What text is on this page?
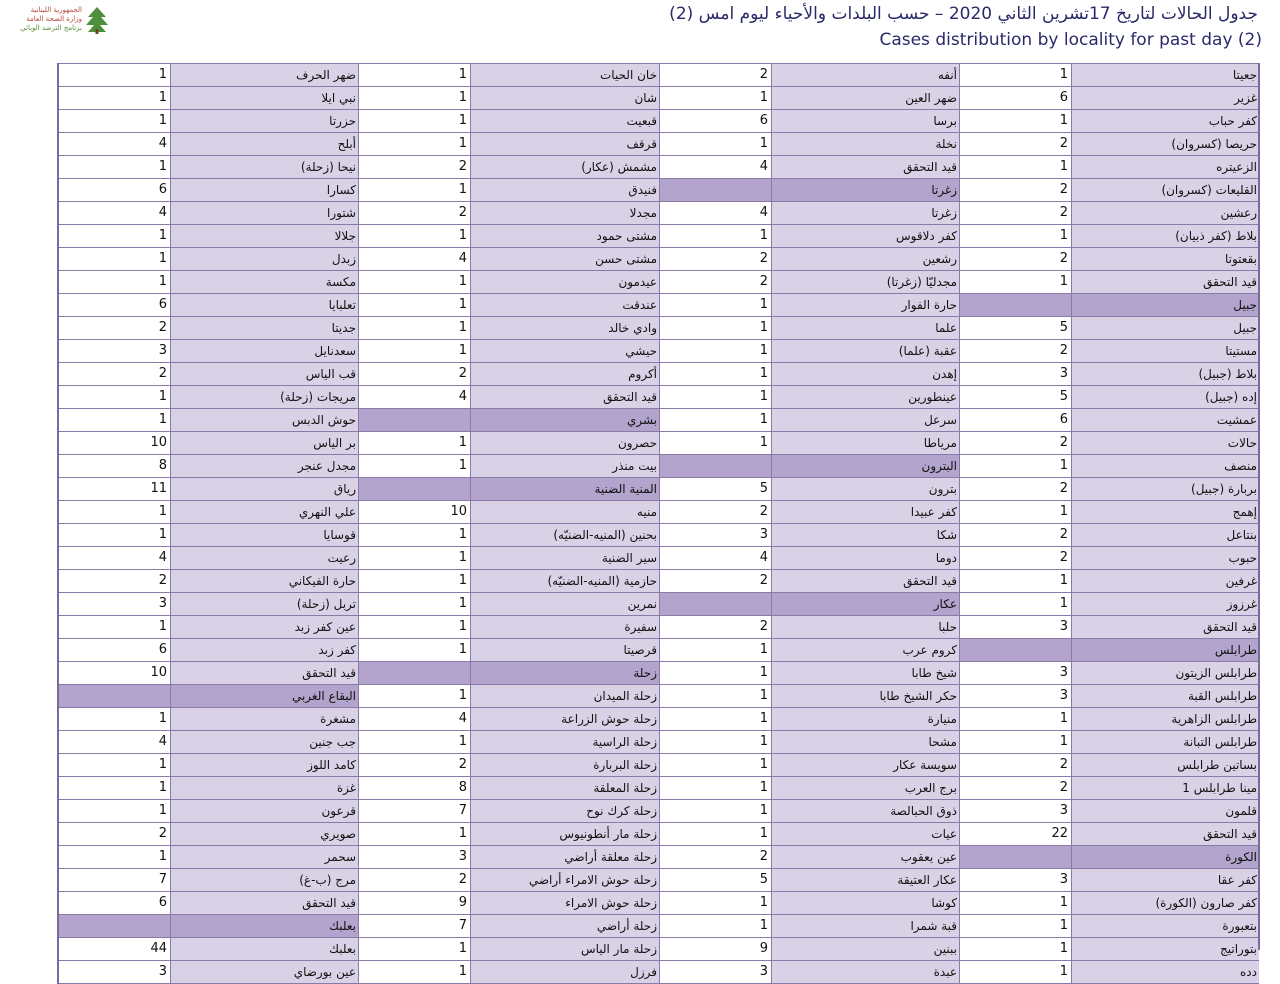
الجمهورية اللبنانية
وزارة الصحة العامة
برنامج الترصد الوبائي
جدول الحالات لتاريخ 17تشرين الثاني 2020 – حسب البلدات والأحياء ليوم امس (2)
Cases distribution by locality for past day (2)
1	ضهر الحرف
1	نبي ايلا
1	حزرتا
4	أبلح
1	نيحا (زحلة)
6	كسارا
4	شتورا
1	جلالا
1	زبدل
1	مكسة
6	تعلبايا
2	جديتا
3	سعدنايل
2	قب الياس
1	مريجات (زحلة)
1	حوش الدبس
10	بر الياس
8	مجدل عنجر
11	رياق
1	علي النهري
1	قوسايا
4	رعيت
2	حارة الفيكاني
3	تربل (زحلة)
1	عين كفر زبد
6	كفر زبد
10	قيد التحقق
البقاع الغربي
1	مشغرة
4	جب جنين
1	كامد اللوز
1	غزة
1	قرعون
2	صويري
1	سحمر
7	مرج (ب-غ)
6	قيد التحقق
بعلبك
44	بعلبك
3	عين بورضاي
1	خان الحيات
1	شان
1	قبعيت
1	قرقف
2	مشمش (عكار)
1	فنيدق
2	مجدلا
1	مشتى حمود
4	مشتى حسن
1	عيدمون
1	عندقت
1	وادي خالد
1	حيشي
2	أكروم
4	قيد التحقق
بشري
1	حصرون
1	بيت منذر
المنية الضنية
10	منيه
1	بحنين (المنيه-الضنيّه)
1	سير الضنية
1	حازمية (المنيه-الضنيّه)
1	نمرين
1	سفيرة
1	قرصيتا
زحلة
1	زحلة الميدان
4	زحلة حوش الزراعة
1	زحلة الراسية
2	زحلة البربارة
8	زحلة المعلقة
7	زحلة كرك نوح
1	زحلة مار أنطونيوس
3	زحلة معلقة أراضي
2	زحلة حوش الامراء أراضي
9	زحلة حوش الامراء
7	زحلة أراضي
1	زحلة مار الياس
1	فرزل
2	أنفه
1	ضهر العين
6	برسا
1	نخلة
4	قيد التحقق
زغرتا
4	زغرتا
1	كفر دلاقوس
2	رشعين
2	مجدليّا (زغرتا)
1	حارة الفوار
1	علما
1	عقبة (علما)
1	إهدن
1	عينطورين
1	سرعل
1	مرياطا
البترون
5	بترون
2	كفر عبيدا
3	شكا
4	دوما
2	قيد التحقق
عكار
2	حلبا
1	كروم عرب
1	شيخ طابا
1	حكر الشيخ طابا
1	منيارة
1	مشحا
1	سويسة عكار
1	برج العرب
1	ذوق الحبالصة
1	عيات
2	عين يعقوب
5	عكار العتيقة
1	كوشا
1	قبة شمرا
9	ببنين
3	عبدة
1	جعيتا
6	غزير
1	كفر حباب
2	حريصا (كسروان)
1	الزعيتره
2	القليعات (كسروان)
2	رعشين
1	بلاط (كفر ذبيان)
2	بقعتوتا
1	قيد التحقق
جبيل
5	جبيل
2	مستيتا
3	بلاط (جبيل)
5	إده (جبيل)
6	عمشيت
2	حالات
1	منصف
2	بربارة (جبيل)
1	إهمج
2	بنتاعل
2	حبوب
1	غرفين
1	غرزوز
3	قيد التحقق
طرابلس
3	طرابلس الزيتون
3	طرابلس القبة
1	طرابلس الزاهرية
1	طرابلس التبانة
2	بساتين طرابلس
2	مينا طرابلس 1
3	قلمون
22	قيد التحقق
الكورة
3	كفر عقا
1	كفر صارون (الكورة)
1	بتعبورة
1	بتوراتيج
1	دده
